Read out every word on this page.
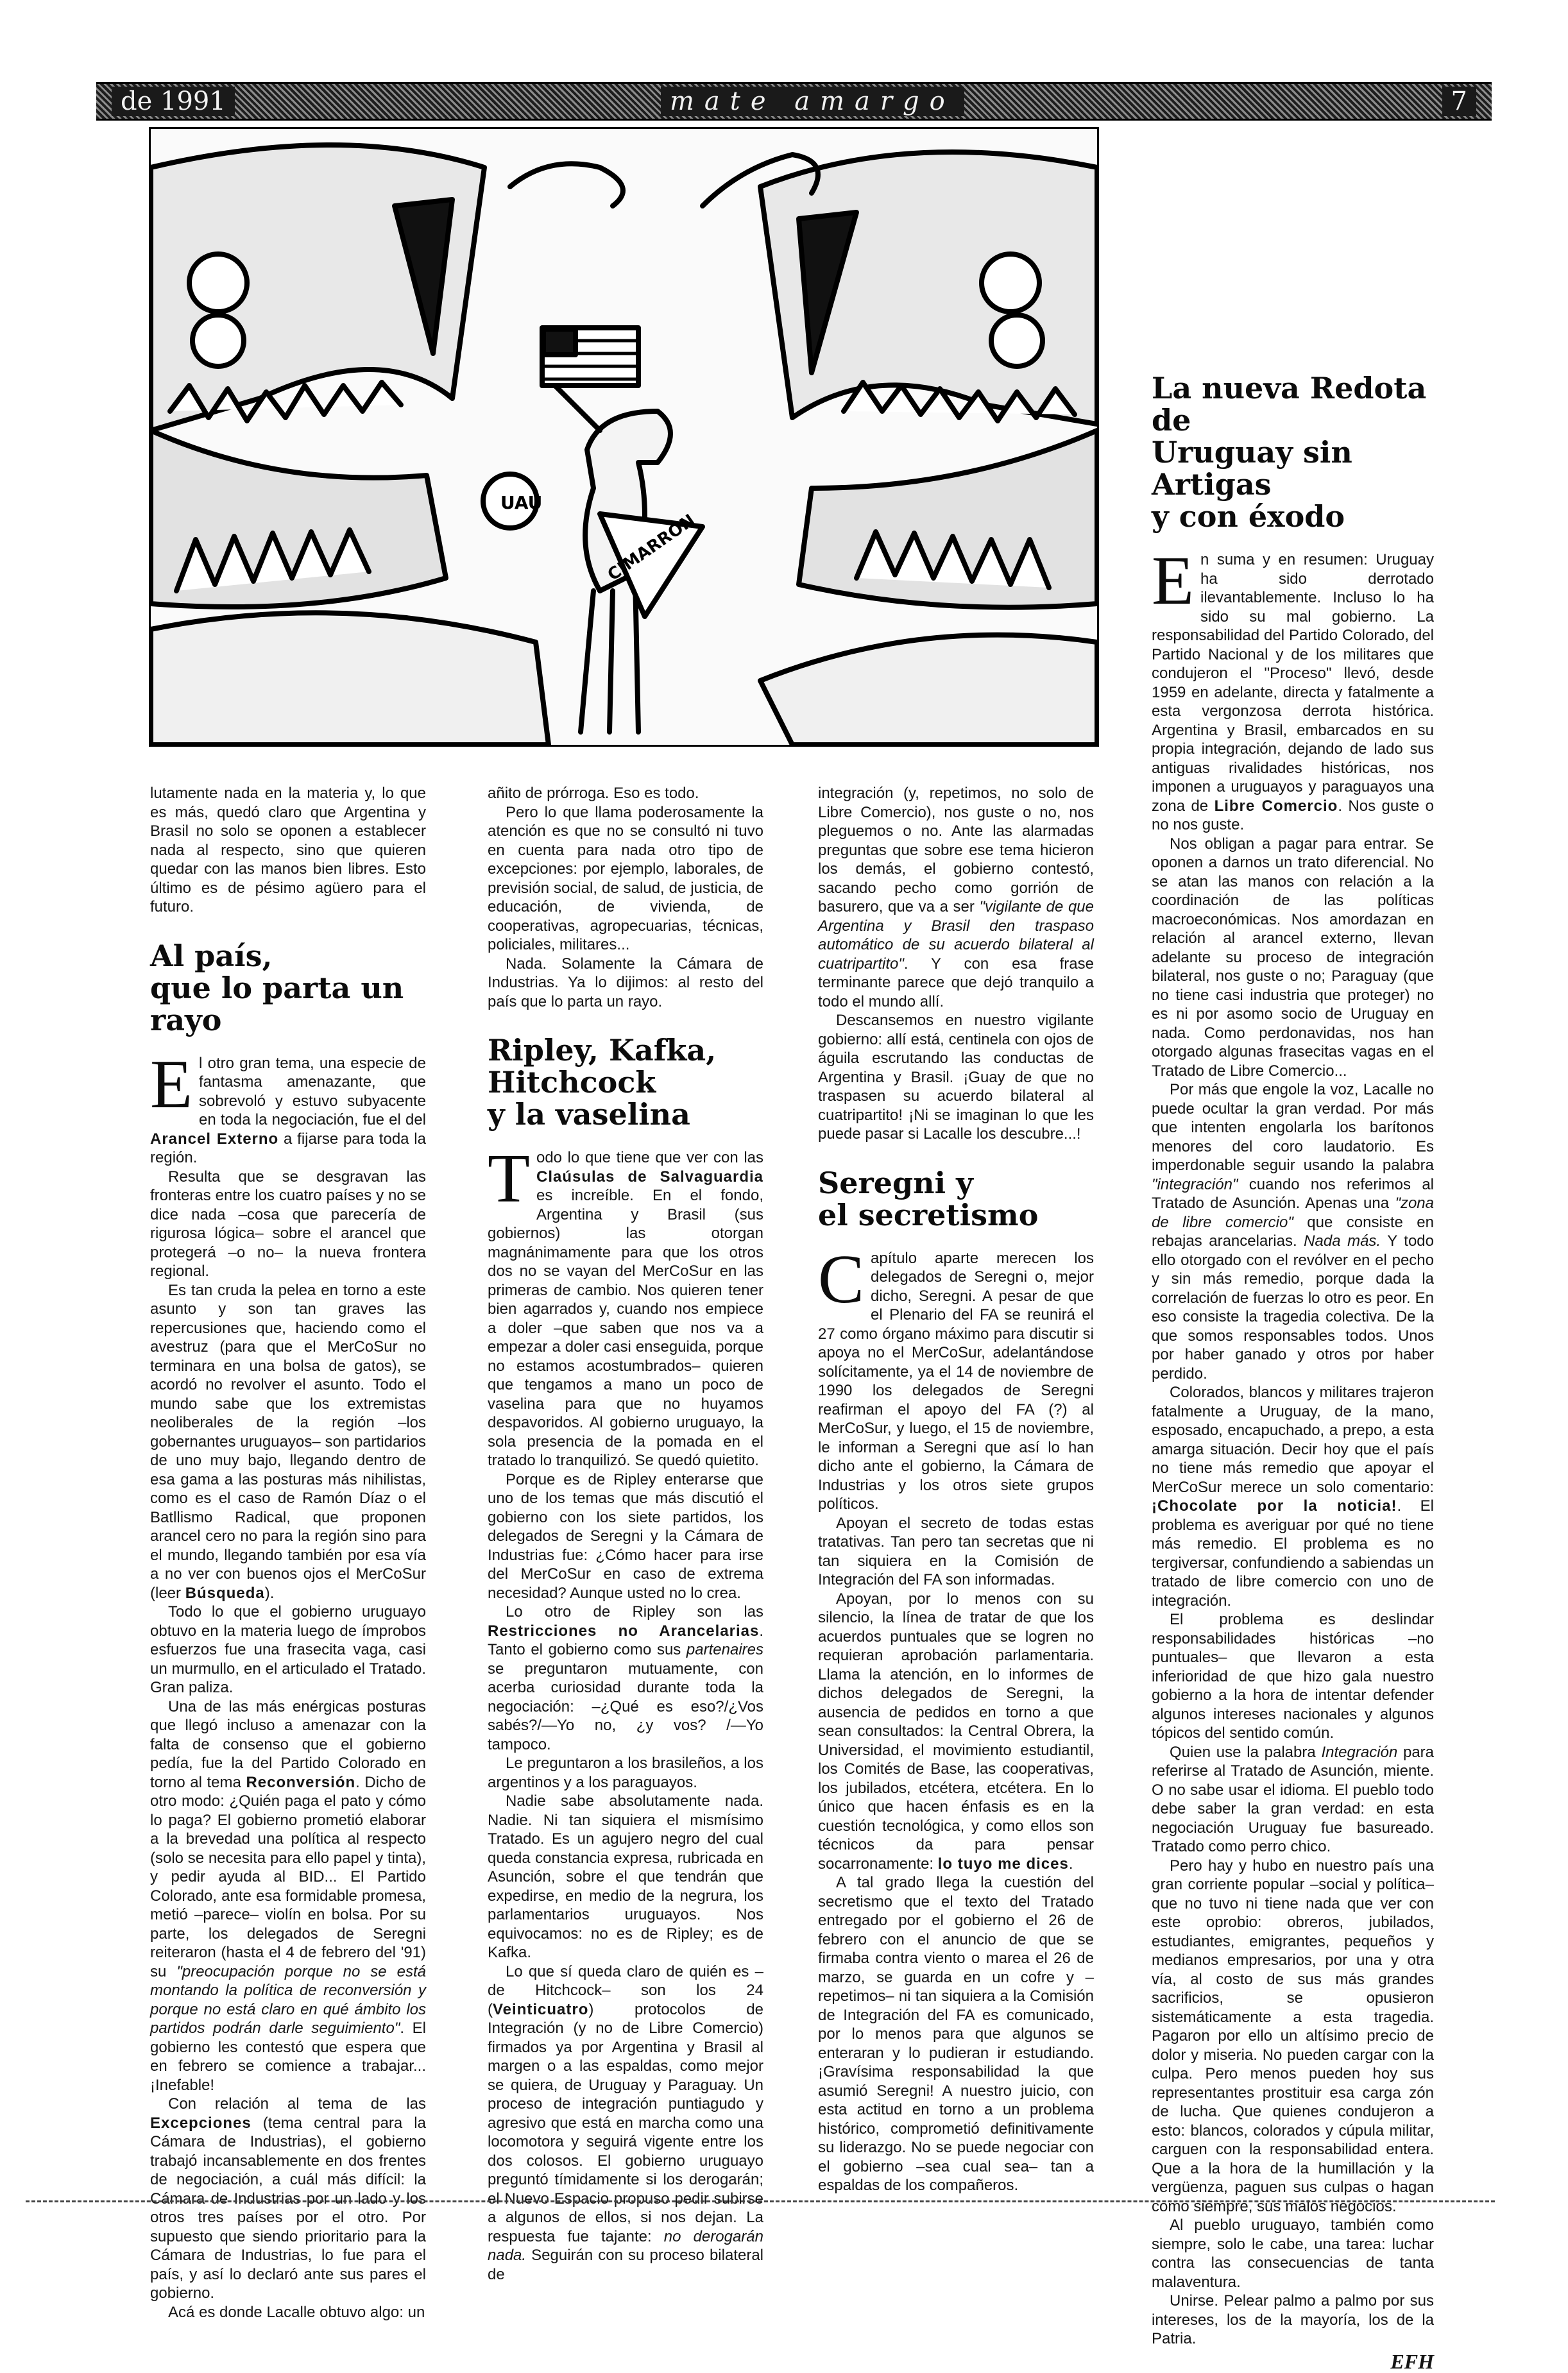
de 1991	mate amargo	7
UAU
CIMARRÓN

lutamente nada en la materia y, lo que es más, quedó claro que Argentina y Brasil no solo se oponen a establecer nada al respecto, sino que quieren quedar con las manos bien libres. Esto último es de pésimo agüero para el futuro.

Al país,
que lo parta un rayo

El otro gran tema, una especie de fantasma amenazante, que sobrevoló y estuvo subyacente en toda la negociación, fue el del Arancel Externo a fijarse para toda la región.

Resulta que se desgravan las fronteras entre los cuatro países y no se dice nada –cosa que parecería de rigurosa lógica– sobre el arancel que protegerá –o no– la nueva frontera regional.

Es tan cruda la pelea en torno a este asunto y son tan graves las repercusiones que, haciendo como el avestruz (para que el MerCoSur no terminara en una bolsa de gatos), se acordó no revolver el asunto. Todo el mundo sabe que los extremistas neoliberales de la región –los gobernantes uruguayos– son partidarios de uno muy bajo, llegando dentro de esa gama a las posturas más nihilistas, como es el caso de Ramón Díaz o el Batllismo Radical, que proponen arancel cero no para la región sino para el mundo, llegando también por esa vía a no ver con buenos ojos el MerCoSur (leer Búsqueda).

Todo lo que el gobierno uruguayo obtuvo en la materia luego de ímprobos esfuerzos fue una frasecita vaga, casi un murmullo, en el articulado el Tratado. Gran paliza.

Una de las más enérgicas posturas que llegó incluso a amenazar con la falta de consenso que el gobierno pedía, fue la del Partido Colorado en torno al tema Reconversión. Dicho de otro modo: ¿Quién paga el pato y cómo lo paga? El gobierno prometió elaborar a la brevedad una política al respecto (solo se necesita para ello papel y tinta), y pedir ayuda al BID... El Partido Colorado, ante esa formidable promesa, metió –parece– violín en bolsa. Por su parte, los delegados de Seregni reiteraron (hasta el 4 de febrero del '91) su "preocupación porque no se está montando la política de reconversión y porque no está claro en qué ámbito los partidos podrán darle seguimiento". El gobierno les contestó que espera que en febrero se comience a trabajar... ¡Inefable!

Con relación al tema de las Excepciones (tema central para la Cámara de Industrias), el gobierno trabajó incansablemente en dos frentes de negociación, a cuál más difícil: la Cámara de Industrias por un lado y los otros tres países por el otro. Por supuesto que siendo prioritario para la Cámara de Industrias, lo fue para el país, y así lo declaró ante sus pares el gobierno.

Acá es donde Lacalle obtuvo algo: un

añito de prórroga. Eso es todo.

Pero lo que llama poderosamente la atención es que no se consultó ni tuvo en cuenta para nada otro tipo de excepciones: por ejemplo, laborales, de previsión social, de salud, de justicia, de educación, de vivienda, de cooperativas, agropecuarias, técnicas, policiales, militares...

Nada. Solamente la Cámara de Industrias. Ya lo dijimos: al resto del país que lo parta un rayo.

Ripley, Kafka,
Hitchcock
y la vaselina

Todo lo que tiene que ver con las Claúsulas de Salvaguardia es increíble. En el fondo, Argentina y Brasil (sus gobiernos) las otorgan magnánimamente para que los otros dos no se vayan del MerCoSur en las primeras de cambio. Nos quieren tener bien agarrados y, cuando nos empiece a doler –que saben que nos va a empezar a doler casi enseguida, porque no estamos acostumbrados– quieren que tengamos a mano un poco de vaselina para que no huyamos despavoridos. Al gobierno uruguayo, la sola presencia de la pomada en el tratado lo tranquilizó. Se quedó quietito.

Porque es de Ripley enterarse que uno de los temas que más discutió el gobierno con los siete partidos, los delegados de Seregni y la Cámara de Industrias fue: ¿Cómo hacer para irse del MerCoSur en caso de extrema necesidad? Aunque usted no lo crea.

Lo otro de Ripley son las Restricciones no Arancelarias. Tanto el gobierno como sus partenaires se preguntaron mutuamente, con acerba curiosidad durante toda la negociación: –¿Qué es eso?/¿Vos sabés?/—Yo no, ¿y vos? /—Yo tampoco.

Le preguntaron a los brasileños, a los argentinos y a los paraguayos.

Nadie sabe absolutamente nada. Nadie. Ni tan siquiera el mismísimo Tratado. Es un agujero negro del cual queda constancia expresa, rubricada en Asunción, sobre el que tendrán que expedirse, en medio de la negrura, los parlamentarios uruguayos. Nos equivocamos: no es de Ripley; es de Kafka.

Lo que sí queda claro de quién es –de Hitchcock– son los 24 (Veinticuatro) protocolos de Integración (y no de Libre Comercio) firmados ya por Argentina y Brasil al margen o a las espaldas, como mejor se quiera, de Uruguay y Paraguay. Un proceso de integración puntiagudo y agresivo que está en marcha como una locomotora y seguirá vigente entre los dos colosos. El gobierno uruguayo preguntó tímidamente si los derogarán; el Nuevo Espacio propuso pedir subirse a algunos de ellos, si nos dejan. La respuesta fue tajante: no derogarán nada. Seguirán con su proceso bilateral de

integración (y, repetimos, no solo de Libre Comercio), nos guste o no, nos pleguemos o no. Ante las alarmadas preguntas que sobre ese tema hicieron los demás, el gobierno contestó, sacando pecho como gorrión de basurero, que va a ser "vigilante de que Argentina y Brasil den traspaso automático de su acuerdo bilateral al cuatripartito". Y con esa frase terminante parece que dejó tranquilo a todo el mundo allí.

Descansemos en nuestro vigilante gobierno: allí está, centinela con ojos de águila escrutando las conductas de Argentina y Brasil. ¡Guay de que no traspasen su acuerdo bilateral al cuatripartito! ¡Ni se imaginan lo que les puede pasar si Lacalle los descubre...!

Seregni y
el secretismo

Capítulo aparte merecen los delegados de Seregni o, mejor dicho, Seregni. A pesar de que el Plenario del FA se reunirá el 27 como órgano máximo para discutir si apoya no el MerCoSur, adelantándose solícitamente, ya el 14 de noviembre de 1990 los delegados de Seregni reafirman el apoyo del FA (?) al MerCoSur, y luego, el 15 de noviembre, le informan a Seregni que así lo han dicho ante el gobierno, la Cámara de Industrias y los otros siete grupos políticos.

Apoyan el secreto de todas estas tratativas. Tan pero tan secretas que ni tan siquiera en la Comisión de Integración del FA son informadas.

Apoyan, por lo menos con su silencio, la línea de tratar de que los acuerdos puntuales que se logren no requieran aprobación parlamentaria. Llama la atención, en lo informes de dichos delegados de Seregni, la ausencia de pedidos en torno a que sean consultados: la Central Obrera, la Universidad, el movimiento estudiantil, los Comités de Base, las cooperativas, los jubilados, etcétera, etcétera. En lo único que hacen énfasis es en la cuestión tecnológica, y como ellos son técnicos da para pensar socarronamente: lo tuyo me dices.

A tal grado llega la cuestión del secretismo que el texto del Tratado entregado por el gobierno el 26 de febrero con el anuncio de que se firmaba contra viento o marea el 26 de marzo, se guarda en un cofre y –repetimos– ni tan siquiera a la Comisión de Integración del FA es comunicado, por lo menos para que algunos se enteraran y lo pudieran ir estudiando. ¡Gravísima responsabilidad la que asumió Seregni! A nuestro juicio, con esta actitud en torno a un problema histórico, comprometió definitivamente su liderazgo. No se puede negociar con el gobierno –sea cual sea– tan a espaldas de los compañeros.

La nueva Redota de
Uruguay sin Artigas
y con éxodo

En suma y en resumen: Uruguay ha sido derrotado ilevantablemente. Incluso lo ha sido su mal gobierno. La responsabilidad del Partido Colorado, del Partido Nacional y de los militares que condujeron el "Proceso" llevó, desde 1959 en adelante, directa y fatalmente a esta vergonzosa derrota histórica. Argentina y Brasil, embarcados en su propia integración, dejando de lado sus antiguas rivalidades históricas, nos imponen a uruguayos y paraguayos una zona de Libre Comercio. Nos guste o no nos guste.

Nos obligan a pagar para entrar. Se oponen a darnos un trato diferencial. No se atan las manos con relación a la coordinación de las políticas macroeconómicas. Nos amordazan en relación al arancel externo, llevan adelante su proceso de integración bilateral, nos guste o no; Paraguay (que no tiene casi industria que proteger) no es ni por asomo socio de Uruguay en nada. Como perdonavidas, nos han otorgado algunas frasecitas vagas en el Tratado de Libre Comercio...

Por más que engole la voz, Lacalle no puede ocultar la gran verdad. Por más que intenten engolarla los barítonos menores del coro laudatorio. Es imperdonable seguir usando la palabra "integración" cuando nos referimos al Tratado de Asunción. Apenas una "zona de libre comercio" que consiste en rebajas arancelarias. Nada más. Y todo ello otorgado con el revólver en el pecho y sin más remedio, porque dada la correlación de fuerzas lo otro es peor. En eso consiste la tragedia colectiva. De la que somos responsables todos. Unos por haber ganado y otros por haber perdido.

Colorados, blancos y militares trajeron fatalmente a Uruguay, de la mano, esposado, encapuchado, a prepo, a esta amarga situación. Decir hoy que el país no tiene más remedio que apoyar el MerCoSur merece un solo comentario: ¡Chocolate por la noticia!. El problema es averiguar por qué no tiene más remedio. El problema es no tergiversar, confundiendo a sabiendas un tratado de libre comercio con uno de integración.

El problema es deslindar responsabilidades históricas –no puntuales– que llevaron a esta inferioridad de que hizo gala nuestro gobierno a la hora de intentar defender algunos intereses nacionales y algunos tópicos del sentido común.

Quien use la palabra Integración para referirse al Tratado de Asunción, miente. O no sabe usar el idioma. El pueblo todo debe saber la gran verdad: en esta negociación Uruguay fue basureado. Tratado como perro chico.

Pero hay y hubo en nuestro país una gran corriente popular –social y política– que no tuvo ni tiene nada que ver con este oprobio: obreros, jubilados, estudiantes, emigrantes, pequeños y medianos empresarios, por una y otra vía, al costo de sus más grandes sacrificios, se opusieron sistemáticamente a esta tragedia. Pagaron por ello un altísimo precio de dolor y miseria. No pueden cargar con la culpa. Pero menos pueden hoy sus representantes prostituir esa carga zón de lucha. Que quienes condujeron a esto: blancos, colorados y cúpula militar, carguen con la responsabilidad entera. Que a la hora de la humillación y la vergüenza, paguen sus culpas o hagan como siempre, sus malos negocios.

Al pueblo uruguayo, también como siempre, solo le cabe, una tarea: luchar contra las consecuencias de tanta malaventura.

Unirse. Pelear palmo a palmo por sus intereses, los de la mayoría, los de la Patria.

EFH
